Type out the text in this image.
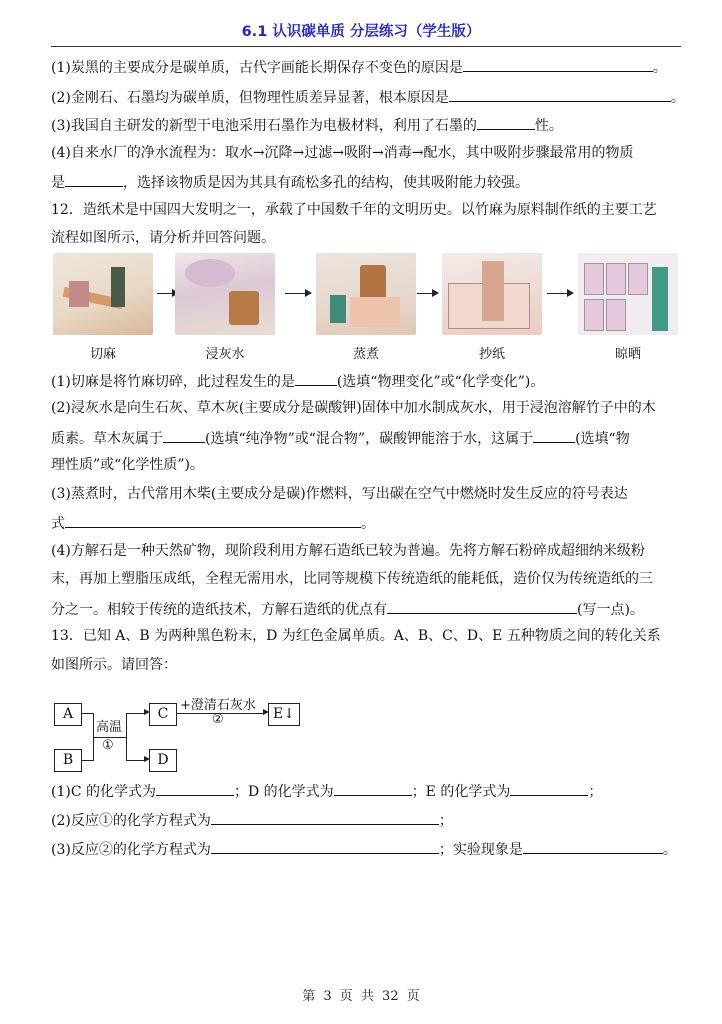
6.1 认识碳单质 分层练习（学生版）
(1)炭黑的主要成分是碳单质，古代字画能长期保存不变色的原因是	。
(2)金刚石、石墨均为碳单质，但物理性质差异显著，根本原因是	。
(3)我国自主研发的新型干电池采用石墨作为电极材料，利用了石墨的	性。
(4)自来水厂的净水流程为：取水→沉降→过滤→吸附→消毒→配水，其中吸附步骤最常用的物质
是	，选择该物质是因为其具有疏松多孔的结构，使其吸附能力较强。
12．造纸术是中国四大发明之一，承载了中国数千年的文明历史。以竹麻为原料制作纸的主要工艺
流程如图所示，请分析并回答问题。
切麻	浸灰水	蒸煮	抄纸	晾晒
(1)切麻是将竹麻切碎，此过程发生的是	(选填“物理变化”或“化学变化”)。
(2)浸灰水是向生石灰、草木灰(主要成分是碳酸钾)固体中加水制成灰水，用于浸泡溶解竹子中的木
质素。草木灰属于	(选填“纯净物”或“混合物”，碳酸钾能溶于水，这属于	(选填“物
理性质”或“化学性质”)。
(3)蒸煮时，古代常用木柴(主要成分是碳)作燃料，写出碳在空气中燃烧时发生反应的符号表达
式	。
(4)方解石是一种天然矿物，现阶段利用方解石造纸已较为普遍。先将方解石粉碎成超细纳米级粉
末，再加上塑脂压成纸，全程无需用水，比同等规模下传统造纸的能耗低，造价仅为传统造纸的三
分之一。相较于传统的造纸技术，方解石造纸的优点有	(写一点)。
13．已知 A、B 为两种黑色粉末，D 为红色金属单质。A、B、C、D、E 五种物质之间的转化关系
如图所示。请回答：
A
B
C
D
E↓
高温
①
+澄清石灰水
②
(1)C 的化学式为	；D 的化学式为	；E 的化学式为	；
(2)反应①的化学方程式为	；
(3)反应②的化学方程式为	；实验现象是	。
第 3 页 共 32 页
